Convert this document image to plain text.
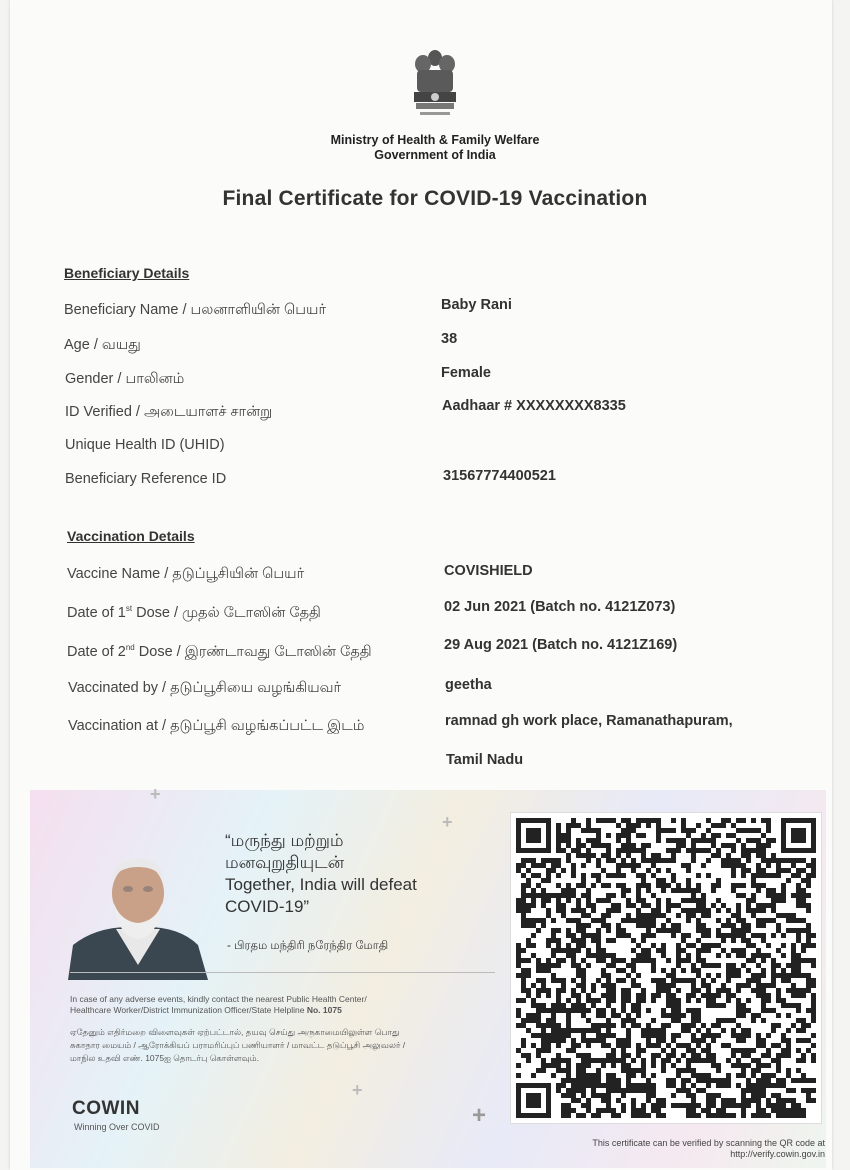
Ministry of Health & Family Welfare
Government of India
Final Certificate for COVID-19 Vaccination
Beneficiary Details
Beneficiary Name / பலனாளியின் பெயர்	Baby Rani
Age / வயது	38
Gender / பாலினம்	Female
ID Verified / அடையாளச் சான்று	Aadhaar # XXXXXXXX8335
Unique Health ID (UHID)
Beneficiary Reference ID	31567774400521
Vaccination Details
Vaccine Name / தடுப்பூசியின் பெயர்	COVISHIELD
Date of 1st Dose / முதல் டோஸின் தேதி	02 Jun 2021 (Batch no. 4121Z073)
Date of 2nd Dose / இரண்டாவது டோஸின் தேதி	29 Aug 2021 (Batch no. 4121Z169)
Vaccinated by / தடுப்பூசியை வழங்கியவர்	geetha
Vaccination at / தடுப்பூசி வழங்கப்பட்ட இடம்	ramnad gh work place, Ramanathapuram,
Tamil Nadu
+
+
+
+
“மருந்து மற்றும்
மனவுறுதியுடன்
Together, India will defeat
COVID-19”
- பிரதம மந்திரி நரேந்திர மோதி
In case of any adverse events, kindly contact the nearest Public Health Center/
Healthcare Worker/District Immunization Officer/State Helpline No. 1075
ஏதேனும் எதிர்மறை விளைவுகள் ஏற்பட்டால், தயவு செய்து அருகாமையிலுள்ள பொது
சுகாதார மையம் / ஆரோக்கியப் பராமரிப்புப் பணியாளர் / மாவட்ட தடுப்பூசி அலுவலர் /
மாநில உதவி எண். 1075ஐ தொடர்பு கொள்ளவும்.
COWIN
Winning Over COVID
This certificate can be verified by scanning the QR code at
http://verify.cowin.gov.in
